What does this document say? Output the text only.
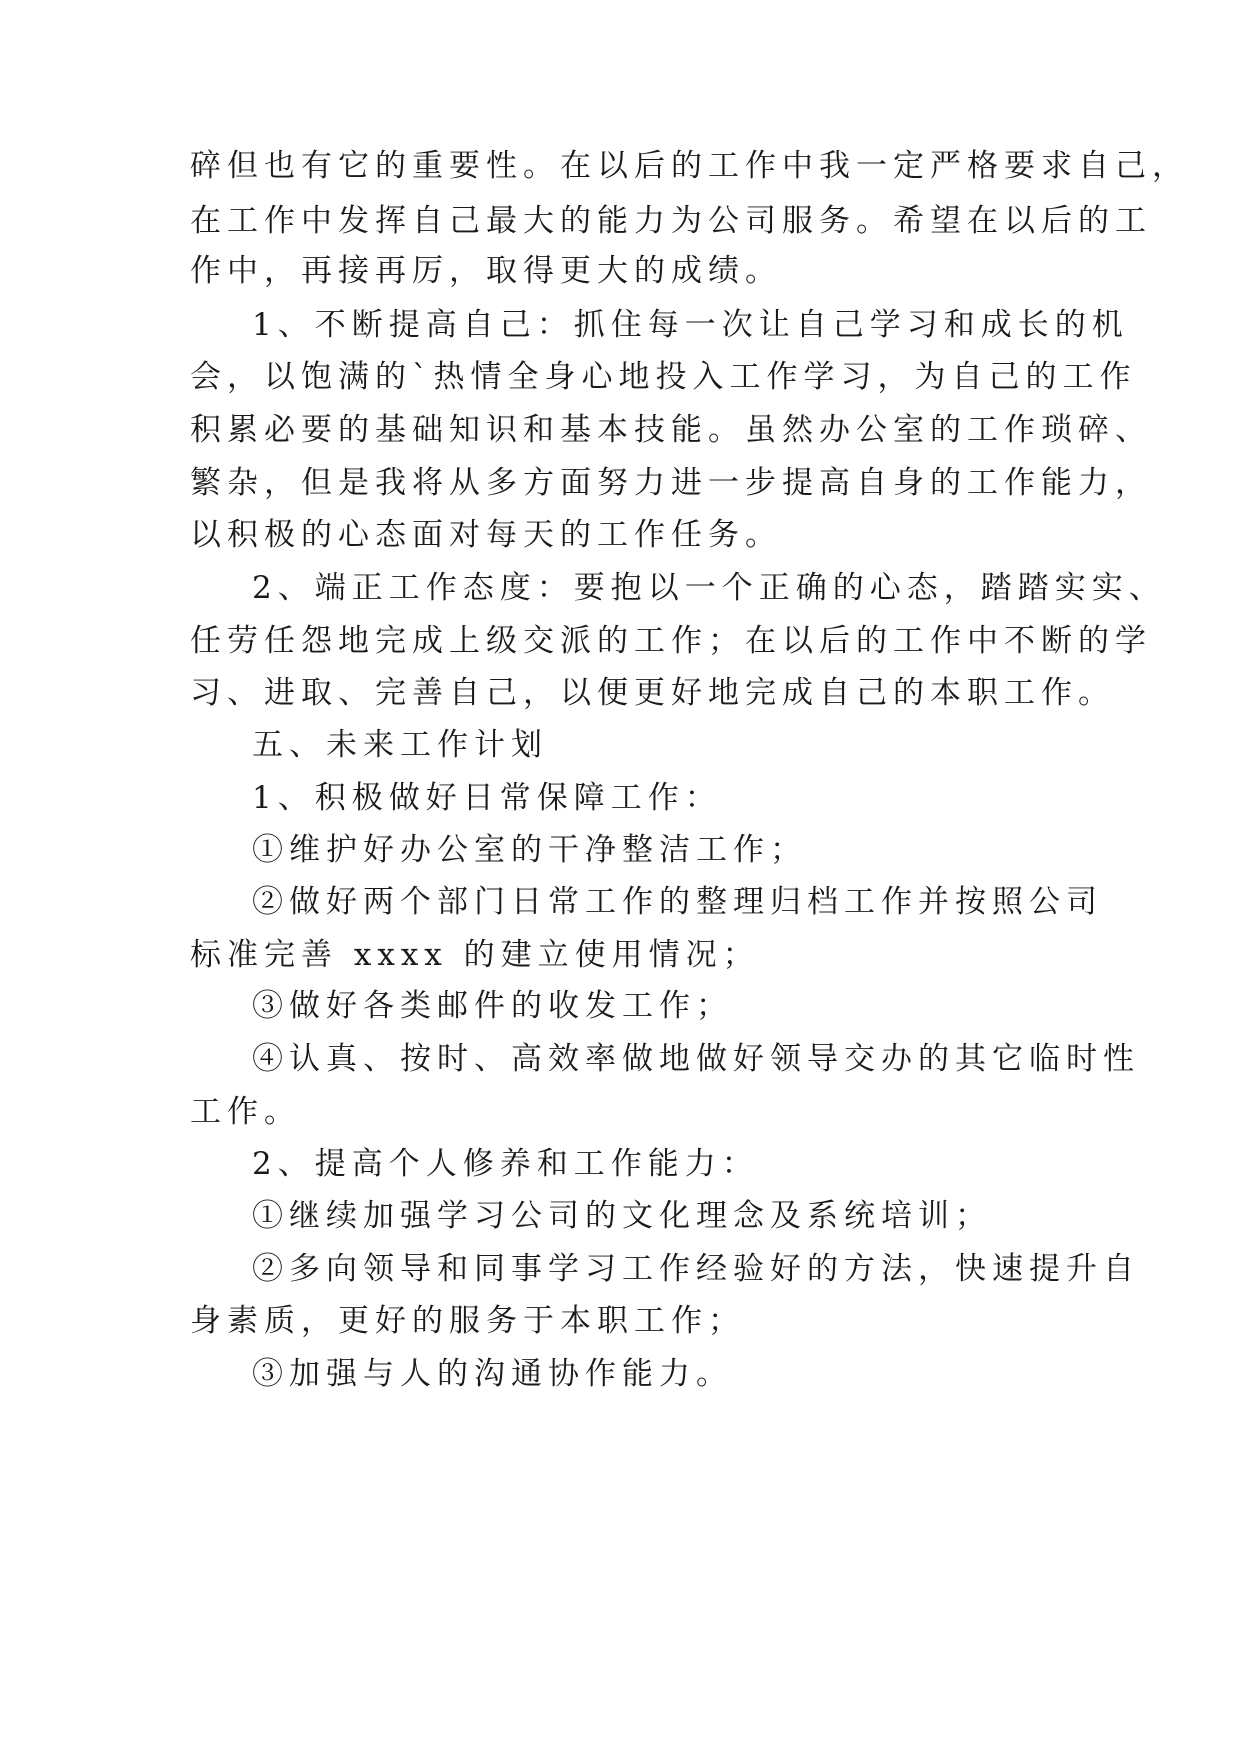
碎但也有它的重要性。在以后的工作中我一定严格要求自己，

在工作中发挥自己最大的能力为公司服务。希望在以后的工

作中，再接再厉，取得更大的成绩。

1、不断提高自己：抓住每一次让自己学习和成长的机

会，以饱满的`热情全身心地投入工作学习，为自己的工作

积累必要的基础知识和基本技能。虽然办公室的工作琐碎、

繁杂，但是我将从多方面努力进一步提高自身的工作能力，

以积极的心态面对每天的工作任务。

2、端正工作态度：要抱以一个正确的心态，踏踏实实、

任劳任怨地完成上级交派的工作；在以后的工作中不断的学

习、进取、完善自己，以便更好地完成自己的本职工作。

五、未来工作计划

1、积极做好日常保障工作：

①维护好办公室的干净整洁工作；

②做好两个部门日常工作的整理归档工作并按照公司

标准完善 xxxx 的建立使用情况；

③做好各类邮件的收发工作；

④认真、按时、高效率做地做好领导交办的其它临时性

工作。

2、提高个人修养和工作能力：

①继续加强学习公司的文化理念及系统培训；

②多向领导和同事学习工作经验好的方法，快速提升自

身素质，更好的服务于本职工作；

③加强与人的沟通协作能力。
